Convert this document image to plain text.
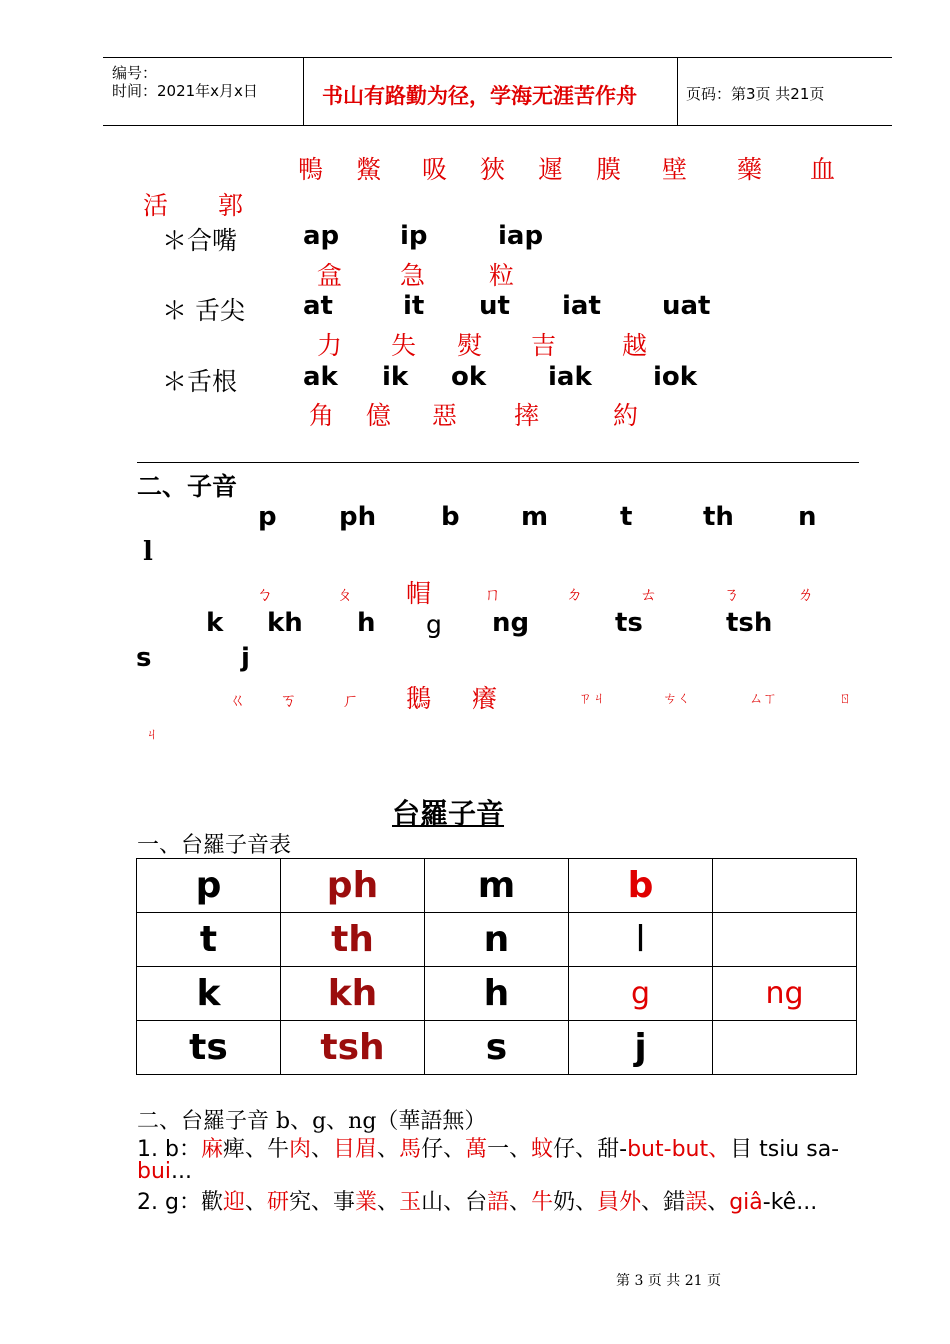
编号：
时间：2021年x月x日	书山有路勤为径，学海无涯苦作舟	页码：第3页 共21页
鴨 鱉 吸 狹 遲 膜 壁 藥 血
活 郭
＊合嘴	ap ip	iap
盒 急	粒
＊ 舌尖 at	it ut iat uat
力 失 熨 吉	越
＊舌根	ak ik ok iak iok
角 億 惡 摔	約
二、子音
p ph b m	t	th n
l
ㄅ	ㄆ 帽	ㄇ	ㄉ	ㄊ	ㄋ	ㄌ
k kh h g ng	ts	tsh
s	j
ㄍ ㄎ	ㄏ 鵝 癢	ㄗㄐ	ㄘㄑ	ㄙㄒ	ㄖ
ㄐ
台羅子音
一、台羅子音表
p	ph	m	b	
t	th	n	l	
k	kh	h	g	ng
ts	tsh	s	j	
二、台羅子音 b、g、ng（華語無）
1. b：麻痺、牛肉、目眉、馬仔、萬一、蚊仔、甜-but-but、目 tsiu sa-
bui...
2. g：歡迎、研究、事業、玉山、台語、牛奶、員外、錯誤、giâ-kê...
第 3 页 共 21 页
